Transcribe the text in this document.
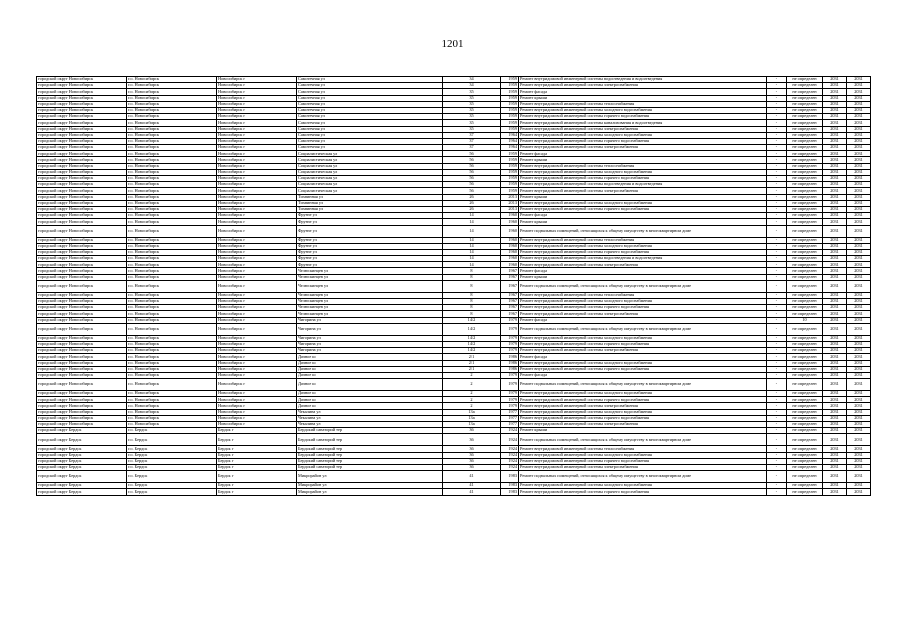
1201
городской округ Новосибирск	г.о. Новосибирск	Новосибирск г	Самотечная ул	34	1959	Ремонт внутридомовой инженерной системы водоотведения и водоотведения	-	не определен	2031	2031
городской округ Новосибирск	г.о. Новосибирск	Новосибирск г	Самотечная ул	34	1959	Ремонт внутридомовой инженерной системы электроснабжения	-	не определен	2031	2031
городской округ Новосибирск	г.о. Новосибирск	Новосибирск г	Самотечная ул	35	1959	Ремонт фасада	-	не определен	2031	2031
городской округ Новосибирск	г.о. Новосибирск	Новосибирск г	Самотечная ул	35	1959	Ремонт крыши	-	не определен	2031	2031
городской округ Новосибирск	г.о. Новосибирск	Новосибирск г	Самотечная ул	35	1959	Ремонт внутридомовой инженерной системы теплоснабжения	-	не определен	2031	2031
городской округ Новосибирск	г.о. Новосибирск	Новосибирск г	Самотечная ул	35	1959	Ремонт внутридомовой инженерной системы холодного водоснабжения	-	не определен	2031	2031
городской округ Новосибирск	г.о. Новосибирск	Новосибирск г	Самотечная ул	35	1959	Ремонт внутридомовой инженерной системы горячего водоснабжения	-	не определен	2031	2031
городской округ Новосибирск	г.о. Новосибирск	Новосибирск г	Самотечная ул	35	1959	Ремонт внутридомовой инженерной системы канализования и водоотведения	-	не определен	2031	2031
городской округ Новосибирск	г.о. Новосибирск	Новосибирск г	Самотечная ул	35	1959	Ремонт внутридомовой инженерной системы электроснабжения	-	не определен	2031	2031
городской округ Новосибирск	г.о. Новосибирск	Новосибирск г	Самотечная ул	37	1964	Ремонт внутридомовой инженерной системы холодного водоснабжения	-	не определен	2031	2031
городской округ Новосибирск	г.о. Новосибирск	Новосибирск г	Самотечная ул	37	1964	Ремонт внутридомовой инженерной системы горячего водоснабжения	-	не определен	2031	2031
городской округ Новосибирск	г.о. Новосибирск	Новосибирск г	Самотечная ул	37	1964	Ремонт внутридомовой инженерной системы электроснабжения	-	не определен	2031	2031
городской округ Новосибирск	г.о. Новосибирск	Новосибирск г	Социалистическая ул	56	1959	Ремонт фасада	-	не определен	2031	2031
городской округ Новосибирск	г.о. Новосибирск	Новосибирск г	Социалистическая ул	56	1959	Ремонт крыши	-	не определен	2031	2031
городской округ Новосибирск	г.о. Новосибирск	Новосибирск г	Социалистическая ул	56	1959	Ремонт внутридомовой инженерной системы теплоснабжения	-	не определен	2031	2031
городской округ Новосибирск	г.о. Новосибирск	Новосибирск г	Социалистическая ул	56	1959	Ремонт внутридомовой инженерной системы холодного водоснабжения	-	не определен	2031	2031
городской округ Новосибирск	г.о. Новосибирск	Новосибирск г	Социалистическая ул	56	1959	Ремонт внутридомовой инженерной системы горячего водоснабжения	-	не определен	2031	2031
городской округ Новосибирск	г.о. Новосибирск	Новосибирск г	Социалистическая ул	56	1959	Ремонт внутридомовой инженерной системы водоотведения и водоотведения	-	не определен	2031	2031
городской округ Новосибирск	г.о. Новосибирск	Новосибирск г	Социалистическая ул	56	1959	Ремонт внутридомовой инженерной системы электроснабжения	-	не определен	2031	2031
городской округ Новосибирск	г.о. Новосибирск	Новосибирск г	Тихвинная ул	26	2013	Ремонт крыши	-	не определен	2031	2031
городской округ Новосибирск	г.о. Новосибирск	Новосибирск г	Тихвинная ул	26	2013	Ремонт внутридомовой инженерной системы холодного водоснабжения	-	не определен	2031	2031
городской округ Новосибирск	г.о. Новосибирск	Новосибирск г	Тихвинная ул	26	2013	Ремонт внутридомовой инженерной системы горячего водоснабжения	-	не определен	2031	2031
городской округ Новосибирск	г.о. Новосибирск	Новосибирск г	Фрунзе ул	14	1960	Ремонт фасада	-	не определен	2031	2031
городской округ Новосибирск	г.о. Новосибирск	Новосибирск г	Фрунзе ул	14	1960	Ремонт крыши	-	не определен	2031	2031
городской округ Новосибирск	г.о. Новосибирск	Новосибирск г	Фрунзе ул	14	1960	Ремонт подвальных помещений, относящихся к общему имуществу в многоквартирном доме	-	не определен	2031	2031
городской округ Новосибирск	г.о. Новосибирск	Новосибирск г	Фрунзе ул	14	1960	Ремонт внутридомовой инженерной системы теплоснабжения	-	не определен	2031	2031
городской округ Новосибирск	г.о. Новосибирск	Новосибирск г	Фрунзе ул	14	1960	Ремонт внутридомовой инженерной системы холодного водоснабжения	-	не определен	2031	2031
городской округ Новосибирск	г.о. Новосибирск	Новосибирск г	Фрунзе ул	14	1960	Ремонт внутридомовой инженерной системы горячего водоснабжения	-	не определен	2031	2031
городской округ Новосибирск	г.о. Новосибирск	Новосибирск г	Фрунзе ул	14	1960	Ремонт внутридомовой инженерной системы водоотведения и водоотведения	-	не определен	2031	2031
городской округ Новосибирск	г.о. Новосибирск	Новосибирск г	Фрунзе ул	14	1960	Ремонт внутридомовой инженерной системы электроснабжения	-	не определен	2031	2031
городской округ Новосибирск	г.о. Новосибирск	Новосибирск г	Челюскинцев ул	8	1967	Ремонт фасада	-	не определен	2031	2031
городской округ Новосибирск	г.о. Новосибирск	Новосибирск г	Челюскинцев ул	8	1967	Ремонт крыши	-	не определен	2031	2031
городской округ Новосибирск	г.о. Новосибирск	Новосибирск г	Челюскинцев ул	8	1967	Ремонт подвальных помещений, относящихся к общему имуществу в многоквартирном доме	-	не определен	2031	2031
городской округ Новосибирск	г.о. Новосибирск	Новосибирск г	Челюскинцев ул	8	1967	Ремонт внутридомовой инженерной системы теплоснабжения	-	не определен	2031	2031
городской округ Новосибирск	г.о. Новосибирск	Новосибирск г	Челюскинцев ул	8	1967	Ремонт внутридомовой инженерной системы холодного водоснабжения	-	не определен	2031	2031
городской округ Новосибирск	г.о. Новосибирск	Новосибирск г	Челюскинцев ул	8	1967	Ремонт внутридомовой инженерной системы горячего водоснабжения	-	не определен	2031	2031
городской округ Новосибирск	г.о. Новосибирск	Новосибирск г	Челюскинцев ул	8	1967	Ремонт внутридомовой инженерной системы электроснабжения	-	не определен	2031	2031
городской округ Новосибирск	г.о. Новосибирск	Новосибирск г	Чигорина ул	14/2	1979	Ремонт фасада	-	10	2031	2031
городской округ Новосибирск	г.о. Новосибирск	Новосибирск г	Чигорина ул	14/2	1979	Ремонт подвальных помещений, относящихся к общему имуществу в многоквартирном доме	-	не определен	2031	2031
городской округ Новосибирск	г.о. Новосибирск	Новосибирск г	Чигорина ул	14/2	1979	Ремонт внутридомовой инженерной системы холодного водоснабжения	-	не определен	2031	2031
городской округ Новосибирск	г.о. Новосибирск	Новосибирск г	Чигорина ул	14/2	1979	Ремонт внутридомовой инженерной системы горячего водоснабжения	-	не определен	2031	2031
городской округ Новосибирск	г.о. Новосибирск	Новосибирск г	Чигорина ул	14/2	1979	Ремонт внутридомовой инженерной системы электроснабжения	-	не определен	2031	2031
городской округ Новосибирск	г.о. Новосибирск	Новосибирск г	Дачное ш	2/1	1986	Ремонт фасада	-	не определен	2031	2031
городской округ Новосибирск	г.о. Новосибирск	Новосибирск г	Дачное ш	2/1	1986	Ремонт внутридомовой инженерной системы холодного водоснабжения	-	не определен	2031	2031
городской округ Новосибирск	г.о. Новосибирск	Новосибирск г	Дачное ш	2/1	1986	Ремонт внутридомовой инженерной системы горячего водоснабжения	-	не определен	2031	2031
городской округ Новосибирск	г.о. Новосибирск	Новосибирск г	Дачное ш	2	1979	Ремонт фасада	-	не определен	2031	2031
городской округ Новосибирск	г.о. Новосибирск	Новосибирск г	Дачное ш	2	1979	Ремонт подвальных помещений, относящихся к общему имуществу в многоквартирном доме	-	не определен	2031	2031
городской округ Новосибирск	г.о. Новосибирск	Новосибирск г	Дачное ш	2	1979	Ремонт внутридомовой инженерной системы холодного водоснабжения	-	не определен	2031	2031
городской округ Новосибирск	г.о. Новосибирск	Новосибирск г	Дачное ш	2	1979	Ремонт внутридомовой инженерной системы горячего водоснабжения	-	не определен	2031	2031
городской округ Новосибирск	г.о. Новосибирск	Новосибирск г	Дачное ш	2	1979	Ремонт внутридомовой инженерной системы электроснабжения	-	не определен	2031	2031
городской округ Новосибирск	г.о. Новосибирск	Новосибирск г	Чекалина ул	13а	1977	Ремонт внутридомовой инженерной системы холодного водоснабжения	-	не определен	2031	2031
городской округ Новосибирск	г.о. Новосибирск	Новосибирск г	Чекалина ул	13а	1977	Ремонт внутридомовой инженерной системы горячего водоснабжения	-	не определен	2031	2031
городской округ Новосибирск	г.о. Новосибирск	Новосибирск г	Чекалина ул	13а	1977	Ремонт внутридомовой инженерной системы электроснабжения	-	не определен	2031	2031
городской округ Бердск	г.о. Бердск	Бердск г	Бердский санаторий тер	36	1924	Ремонт крыши	-	не определен	2031	2031
городской округ Бердск	г.о. Бердск	Бердск г	Бердский санаторий тер	36	1924	Ремонт подвальных помещений, относящихся к общему имуществу в многоквартирном доме	-	не определен	2031	2031
городской округ Бердск	г.о. Бердск	Бердск г	Бердский санаторий тер	36	1924	Ремонт внутридомовой инженерной системы теплоснабжения	-	не определен	2031	2031
городской округ Бердск	г.о. Бердск	Бердск г	Бердский санаторий тер	36	1924	Ремонт внутридомовой инженерной системы холодного водоснабжения	-	не определен	2031	2031
городской округ Бердск	г.о. Бердск	Бердск г	Бердский санаторий тер	36	1924	Ремонт внутридомовой инженерной системы горячего водоснабжения	-	не определен	2031	2031
городской округ Бердск	г.о. Бердск	Бердск г	Бердский санаторий тер	36	1924	Ремонт внутридомовой инженерной системы электроснабжения	-	не определен	2031	2031
городской округ Бердск	г.о. Бердск	Бердск г	Микрорайон ул	41	1983	Ремонт подвальных помещений, относящихся к общему имуществу в многоквартирном доме	-	не определен	2031	2031
городской округ Бердск	г.о. Бердск	Бердск г	Микрорайон ул	41	1983	Ремонт внутридомовой инженерной системы холодного водоснабжения	-	не определен	2031	2031
городской округ Бердск	г.о. Бердск	Бердск г	Микрорайон ул	41	1983	Ремонт внутридомовой инженерной системы горячего водоснабжения	-	не определен	2031	2031
